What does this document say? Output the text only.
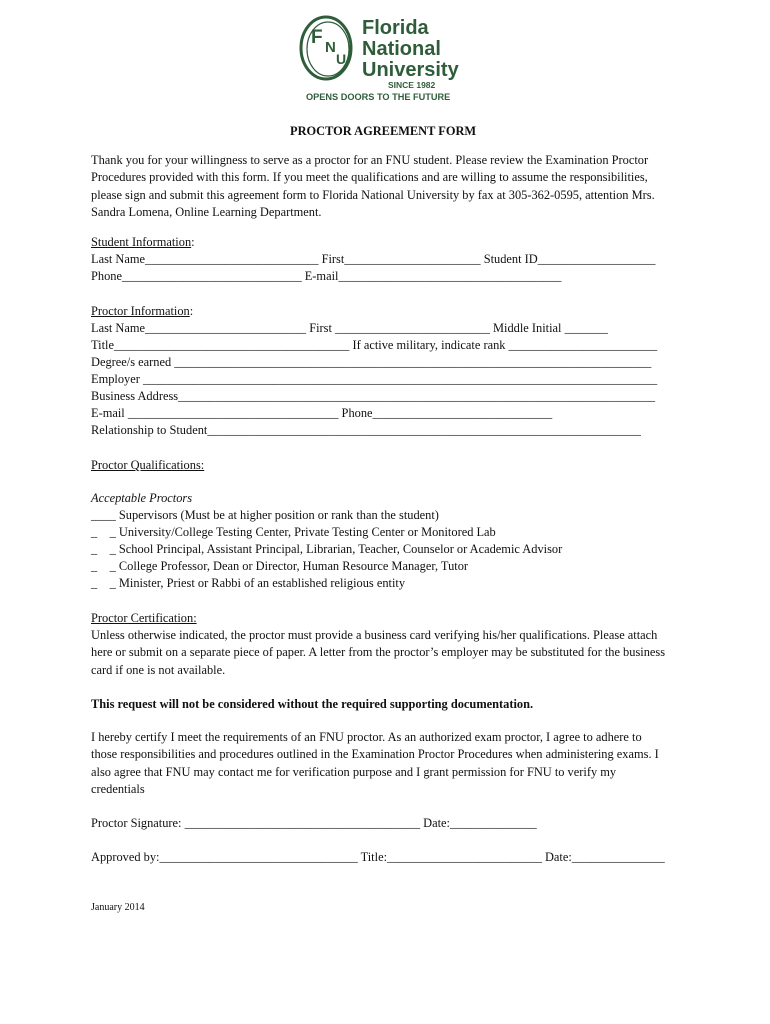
F N
U
Florida
National
University
SINCE 1982
OPENS DOORS TO THE FUTURE
PROCTOR AGREEMENT FORM
Thank you for your willingness to serve as a proctor for an FNU student. Please review the Examination Proctor
Procedures provided with this form. If you meet the qualifications and are willing to assume the responsibilities,
please sign and submit this agreement form to Florida National University by fax at 305-362-0595, attention Mrs.
Sandra Lomena, Online Learning Department.
Student Information:
Last Name____________________________ First______________________ Student ID___________________
Phone_____________________________ E-mail____________________________________
Proctor Information:
Last Name__________________________ First _________________________ Middle Initial _______
Title______________________________________ If active military, indicate rank ________________________
Degree/s earned _____________________________________________________________________________
Employer ___________________________________________________________________________________
Business Address_____________________________________________________________________________
E-mail __________________________________ Phone_____________________________
Relationship to Student______________________________________________________________________
Proctor Qualifications:
Acceptable Proctors
____ Supervisors (Must be at higher position or rank than the student)
_    _ University/College Testing Center, Private Testing Center or Monitored Lab
_    _ School Principal, Assistant Principal, Librarian, Teacher, Counselor or Academic Advisor
_    _ College Professor, Dean or Director, Human Resource Manager, Tutor
_    _ Minister, Priest or Rabbi of an established religious entity
Proctor Certification:
Unless otherwise indicated, the proctor must provide a business card verifying his/her qualifications. Please attach
here or submit on a separate piece of paper. A letter from the proctor’s employer may be substituted for the business
card if one is not available.
This request will not be considered without the required supporting documentation.
I hereby certify I meet the requirements of an FNU proctor. As an authorized exam proctor, I agree to adhere to
those responsibilities and procedures outlined in the Examination Proctor Procedures when administering exams. I
also agree that FNU may contact me for verification purpose and I grant permission for FNU to verify my
credentials
Proctor Signature: ______________________________________ Date:______________
Approved by:________________________________ Title:_________________________ Date:_______________
January 2014
